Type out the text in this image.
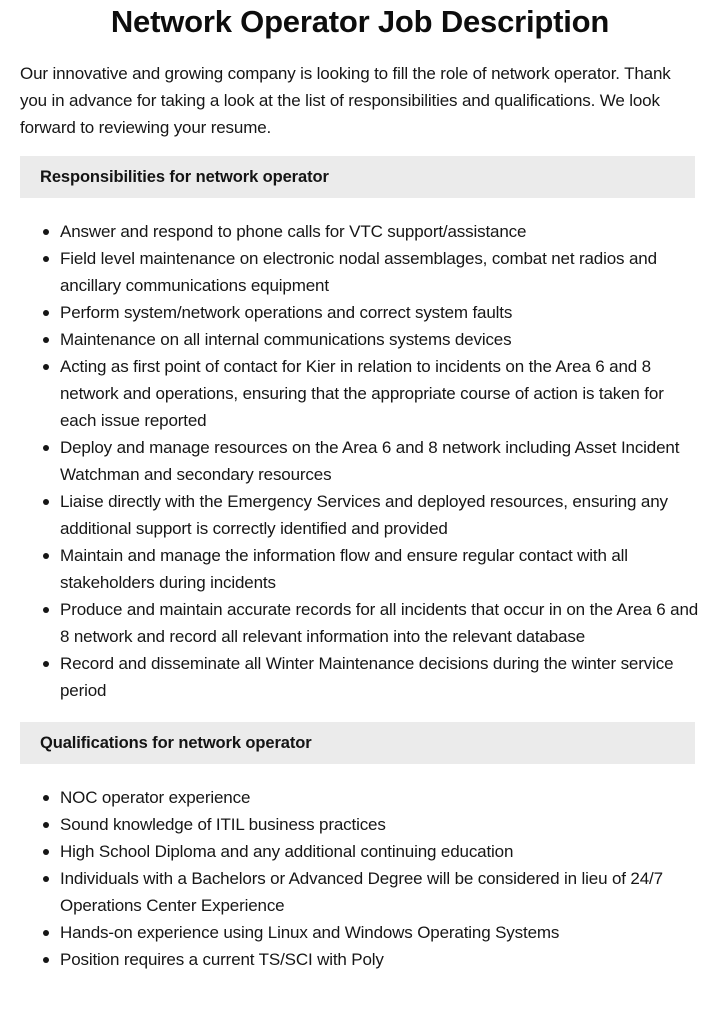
Network Operator Job Description

Our innovative and growing company is looking to fill the role of network operator. Thank you in advance for taking a look at the list of responsibilities and qualifications. We look forward to reviewing your resume.

Responsibilities for network operator
Answer and respond to phone calls for VTC support/assistance
Field level maintenance on electronic nodal assemblages, combat net radios and ancillary communications equipment
Perform system/network operations and correct system faults
Maintenance on all internal communications systems devices
Acting as first point of contact for Kier in relation to incidents on the Area 6 and 8 network and operations, ensuring that the appropriate course of action is taken for each issue reported
Deploy and manage resources on the Area 6 and 8 network including Asset Incident Watchman and secondary resources
Liaise directly with the Emergency Services and deployed resources, ensuring any additional support is correctly identified and provided
Maintain and manage the information flow and ensure regular contact with all stakeholders during incidents
Produce and maintain accurate records for all incidents that occur in on the Area 6 and 8 network and record all relevant information into the relevant database
Record and disseminate all Winter Maintenance decisions during the winter service period
Qualifications for network operator
NOC operator experience
Sound knowledge of ITIL business practices
High School Diploma and any additional continuing education
Individuals with a Bachelors or Advanced Degree will be considered in lieu of 24/7 Operations Center Experience
Hands-on experience using Linux and Windows Operating Systems
Position requires a current TS/SCI with Poly
